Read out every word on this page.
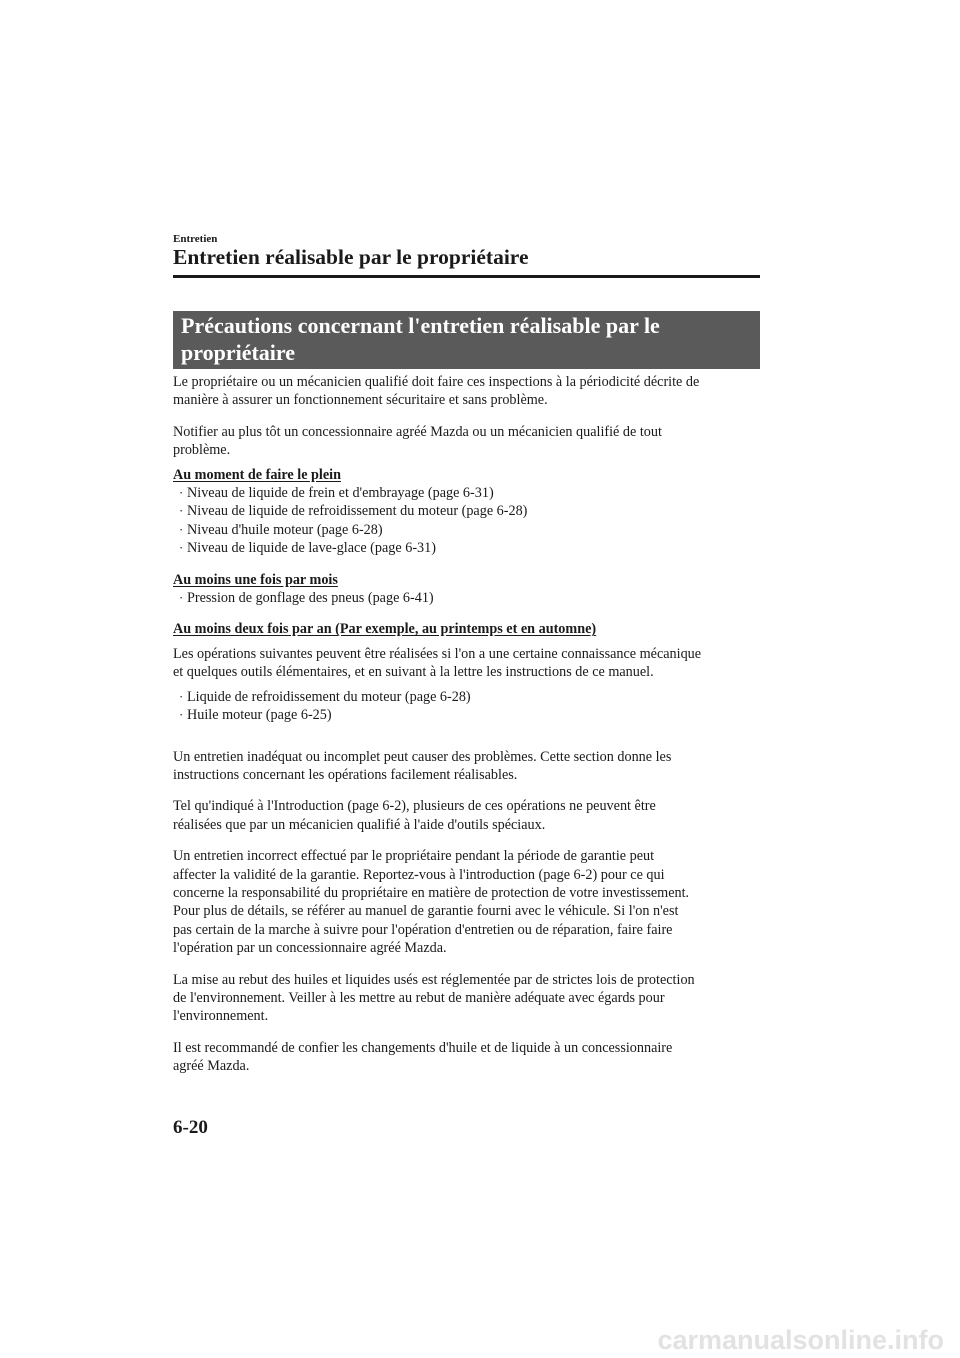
Entretien
Entretien réalisable par le propriétaire
Précautions concernant l'entretien réalisable par le
propriétaire

Le propriétaire ou un mécanicien qualifié doit faire ces inspections à la périodicité décrite de
manière à assurer un fonctionnement sécuritaire et sans problème.

Notifier au plus tôt un concessionnaire agréé Mazda ou un mécanicien qualifié de tout
problème.

Au moment de faire le plein

· Niveau de liquide de frein et d'embrayage (page 6-31)
· Niveau de liquide de refroidissement du moteur (page 6-28)
· Niveau d'huile moteur (page 6-28)
· Niveau de liquide de lave-glace (page 6-31)

Au moins une fois par mois

· Pression de gonflage des pneus (page 6-41)

Au moins deux fois par an (Par exemple, au printemps et en automne)

Les opérations suivantes peuvent être réalisées si l'on a une certaine connaissance mécanique
et quelques outils élémentaires, et en suivant à la lettre les instructions de ce manuel.

· Liquide de refroidissement du moteur (page 6-28)
· Huile moteur (page 6-25)

Un entretien inadéquat ou incomplet peut causer des problèmes. Cette section donne les
instructions concernant les opérations facilement réalisables.

Tel qu'indiqué à l'Introduction (page 6-2), plusieurs de ces opérations ne peuvent être
réalisées que par un mécanicien qualifié à l'aide d'outils spéciaux.

Un entretien incorrect effectué par le propriétaire pendant la période de garantie peut
affecter la validité de la garantie. Reportez-vous à l'introduction (page 6-2) pour ce qui
concerne la responsabilité du propriétaire en matière de protection de votre investissement.
Pour plus de détails, se référer au manuel de garantie fourni avec le véhicule. Si l'on n'est
pas certain de la marche à suivre pour l'opération d'entretien ou de réparation, faire faire
l'opération par un concessionnaire agréé Mazda.

La mise au rebut des huiles et liquides usés est réglementée par de strictes lois de protection
de l'environnement. Veiller à les mettre au rebut de manière adéquate avec égards pour
l'environnement.

Il est recommandé de confier les changements d'huile et de liquide à un concessionnaire
agréé Mazda.

6-20
carmanualsonline.info
